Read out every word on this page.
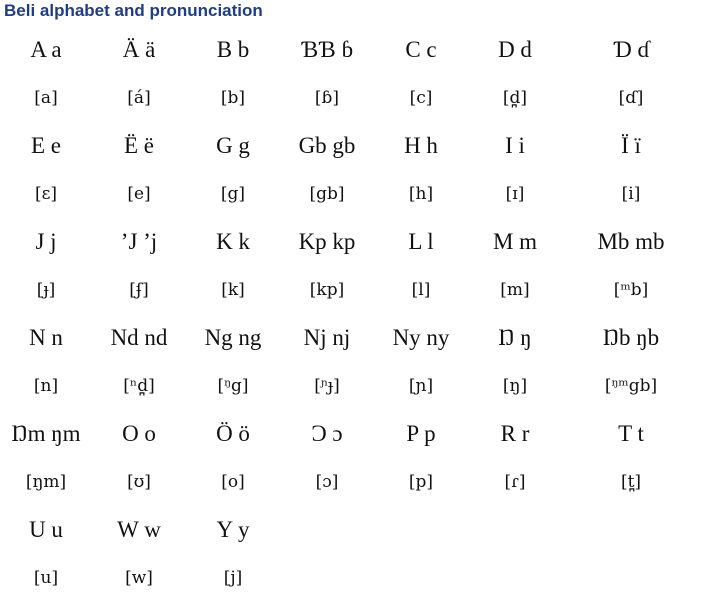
Beli alphabet and pronunciation
A a	Ä ä	B b	ƁƁ ɓ	C c	D d	Ɗ ɗ
[a]	[á]	[b]	[ɓ]	[c]	[d̪]	[ɗ]
E e	Ë ë	G g	Gb gb	H h	I i	Ï ï
[ɛ]	[e]	[g]	[gb]	[h]	[ɪ]	[i]
J j	ʼJ ʼj	K k	Kp kp	L l	M m	Mb mb
[ɟ]	[ʄ]	[k]	[kp]	[l]	[m]	[ᵐb]
N n	Nd nd	Ng ng	Nj nj	Ny ny	Ŋ ŋ	Ŋb ŋb
[n]	[ⁿd̪]	[ᵑg]	[ᶮɟ]	[ɲ]	[ŋ]	[ᵑᵐgb]
Ŋm ŋm	O o	Ö ö	Ɔ ɔ	P p	R r	T t
[ŋm]	[ʊ]	[o]	[ɔ]	[p]	[ɾ]	[t̪]
U u	W w	Y y
[u]	[w]	[j]
